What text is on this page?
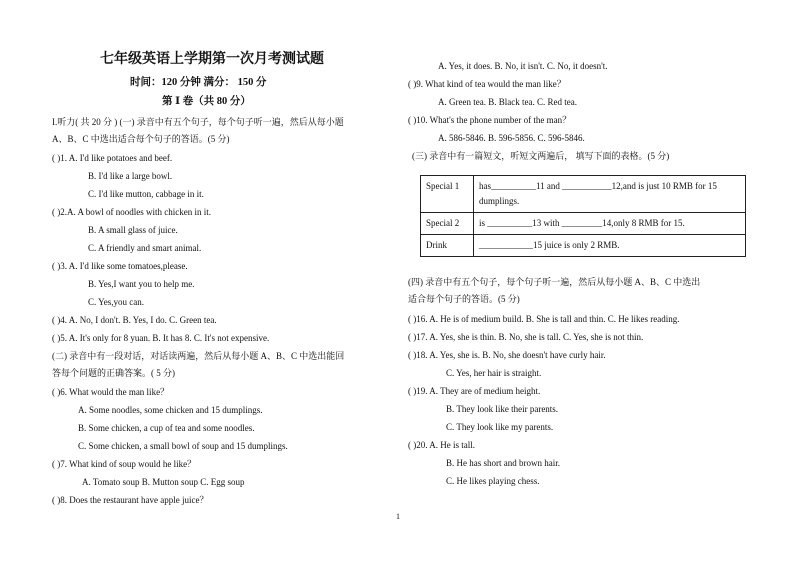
七年级英语上学期第一次月考测试题
时间：120 分钟 满分： 150 分
第 Ⅰ 卷（共 80 分）
I.听力( 共 20 分 ) (一) 录音中有五个句子，每个句子听一遍，然后从每小题
A、B、C 中选出适合每个句子的答语。(5 分)
( )1. A. I'd like potatoes and beef.
B. I'd like a large bowl.
C. I'd like mutton, cabbage in it.
( )2.A. A bowl of noodles with chicken in it.
B. A small glass of juice.
C. A friendly and smart animal.
( )3. A. I'd like some tomatoes,please.
B. Yes,I want you to help me.
C. Yes,you can.
( )4. A. No, I don't. B. Yes, I do. C. Green tea.
( )5. A. It's only for 8 yuan. B. It has 8. C. It's not expensive.
(二) 录音中有一段对话，对话读两遍，然后从每小题 A、B、C 中选出能回
答每个问题的正确答案。( 5 分)
( )6. What would the man like？
A. Some noodles, some chicken and 15 dumplings.
B. Some chicken, a cup of tea and some noodles.
C. Some chicken, a small bowl of soup and 15 dumplings.
( )7. What kind of soup would he like？
A. Tomato soup B. Mutton soup C. Egg soup
( )8. Does the restaurant have apple juice？
A. Yes, it does. B. No, it isn't. C. No, it doesn't.
( )9. What kind of tea would the man like？
A. Green tea. B. Black tea. C. Red tea.
( )10. What's the phone number of the man？
A. 586-5846. B. 596-5856. C. 596-5846.
(三) 录音中有一篇短文，听短文两遍后， 填写下面的表格。(5 分)
Special 1	has__________11 and ___________12,and is just 10 RMB for 15 dumplings.
Special 2	is __________13 with _________14,only 8 RMB for 15.
Drink	____________15 juice is only 2 RMB.
(四) 录音中有五个句子，每个句子听一遍，然后从每小题 A、B、C 中选出
适合每个句子的答语。(5 分)
( )16. A. He is of medium build. B. She is tall and thin. C. He likes reading.
( )17. A. Yes, she is thin. B. No, she is tall. C. Yes, she is not thin.
( )18. A. Yes, she is. B. No, she doesn't have curly hair.
C. Yes, her hair is straight.
( )19. A. They are of medium height.
B. They look like their parents.
C. They look like my parents.
( )20. A. He is tall.
B. He has short and brown hair.
C. He likes playing chess.
1
